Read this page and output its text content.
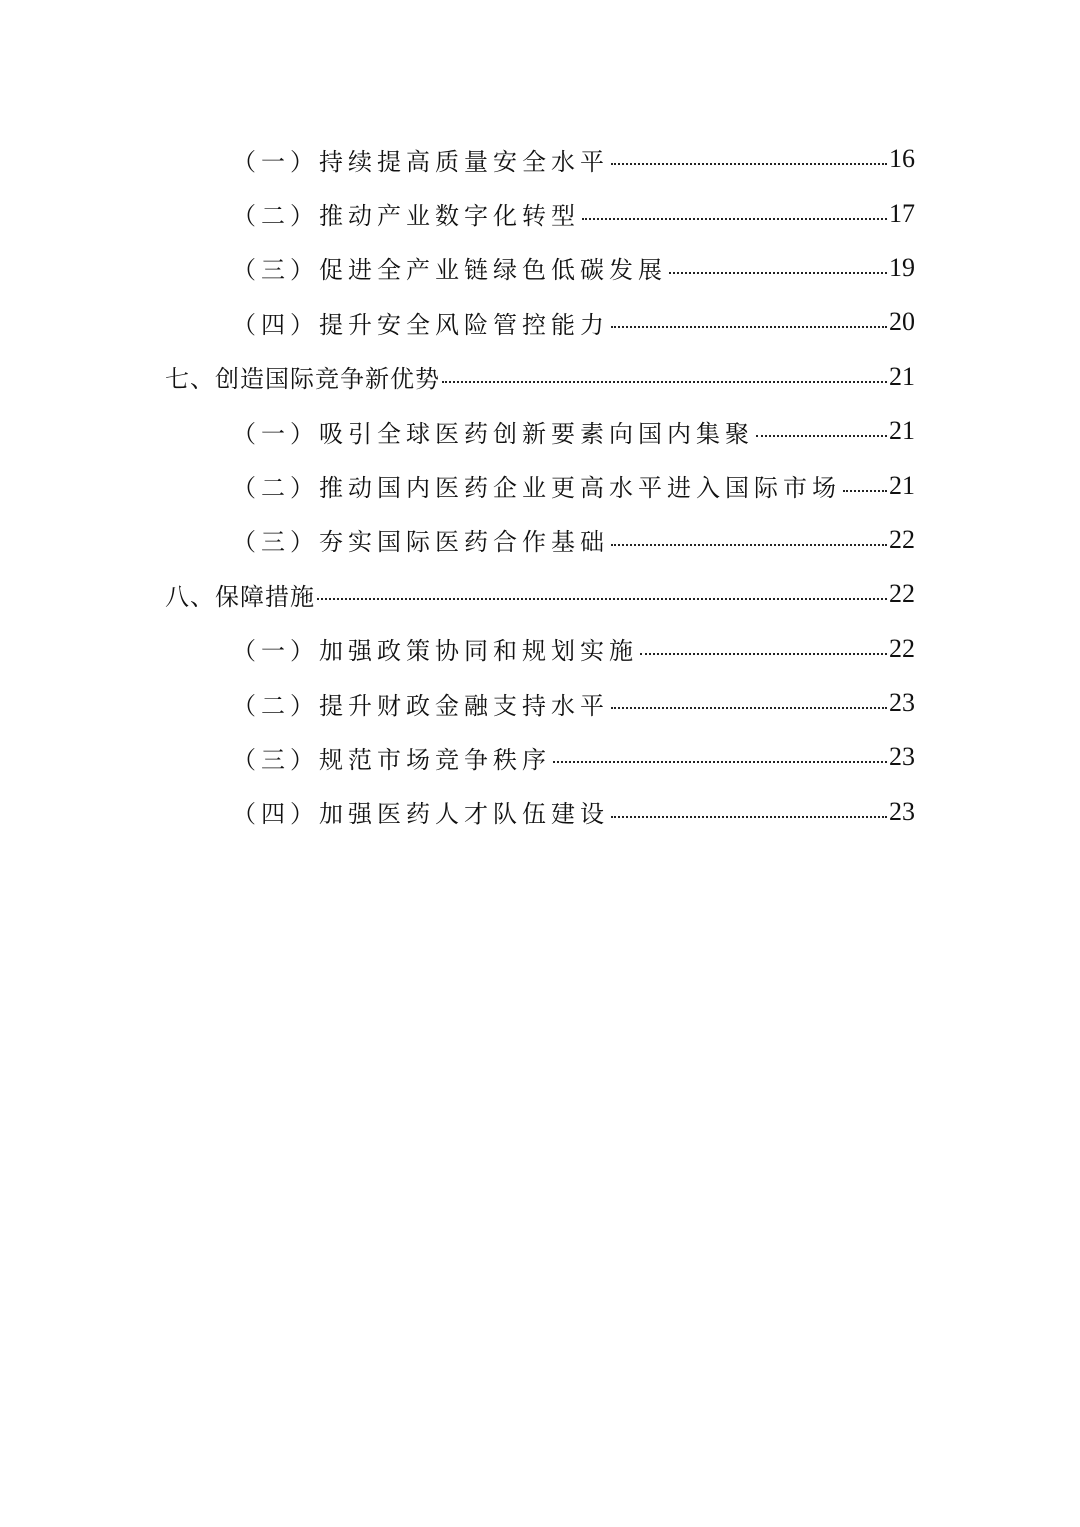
（一）持续提高质量安全水平	16
（二）推动产业数字化转型	17
（三）促进全产业链绿色低碳发展	19
（四）提升安全风险管控能力	20
七、创造国际竞争新优势	21
（一）吸引全球医药创新要素向国内集聚	21
（二）推动国内医药企业更高水平进入国际市场 21
（三）夯实国际医药合作基础	22
八、保障措施	22
（一）加强政策协同和规划实施	22
（二）提升财政金融支持水平	23
（三）规范市场竞争秩序	23
（四）加强医药人才队伍建设	23
